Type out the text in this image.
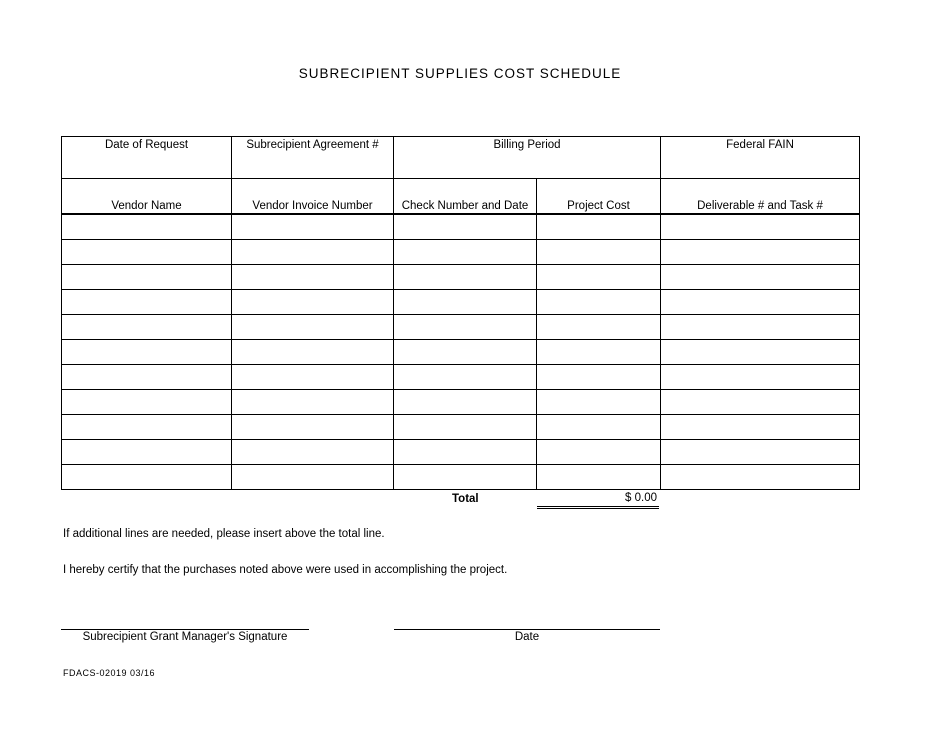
SUBRECIPIENT SUPPLIES COST SCHEDULE
Date of Request	Subrecipient Agreement #	Billing Period		Federal FAIN
Vendor Name	Vendor Invoice Number	Check Number and Date	Project Cost	Deliverable # and Task #

Total	$ 0.00
If additional lines are needed, please insert above the total line.
I hereby certify that the purchases noted above were used in accomplishing the project.
Subrecipient Grant Manager's Signature	Date
FDACS-02019 03/16
